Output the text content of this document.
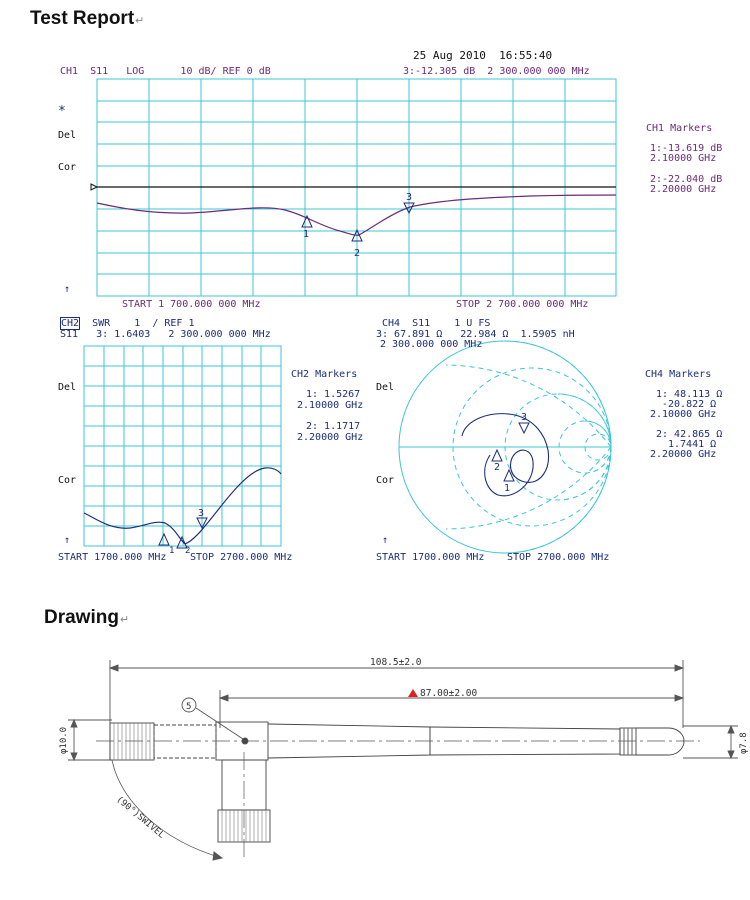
Test Report↵
Drawing↵
25 Aug 2010 16:55:40
CH1 S11 LOG	10 dB/ REF 0 dB	3:-12.305 dB 2 300.000 000 MHz
*
Del
Cor
↑
CH1 Markers
1:-13.619 dB
2.10000 GHz
2:-22.040 dB
2.20000 GHz
START 1 700.000 000 MHz	STOP 2 700.000 000 MHz
1
2
3
3
1 2
3
2
1
108.5±2.0
87.00±2.00
5
φ10.0	φ7.8
(90°)SWIVEL
CH2 SWR 1  / REF 1
S11 3: 1.6403 2 300.000 000 MHz
Del
Cor
↑
START 1700.000 MHz STOP 2700.000 MHz
CH2 Markers
1: 1.5267
2.10000 GHz
2: 1.1717
2.20000 GHz
CH4 S11 1 U FS
3: 67.891 Ω   22.984 Ω  1.5905 nH
2 300.000 000 MHz
Del
Cor
↑
START 1700.000 MHz STOP 2700.000 MHz
CH4 Markers
1: 48.113 Ω
-20.822 Ω
2.10000 GHz
2: 42.865 Ω
1.7441 Ω
2.20000 GHz
